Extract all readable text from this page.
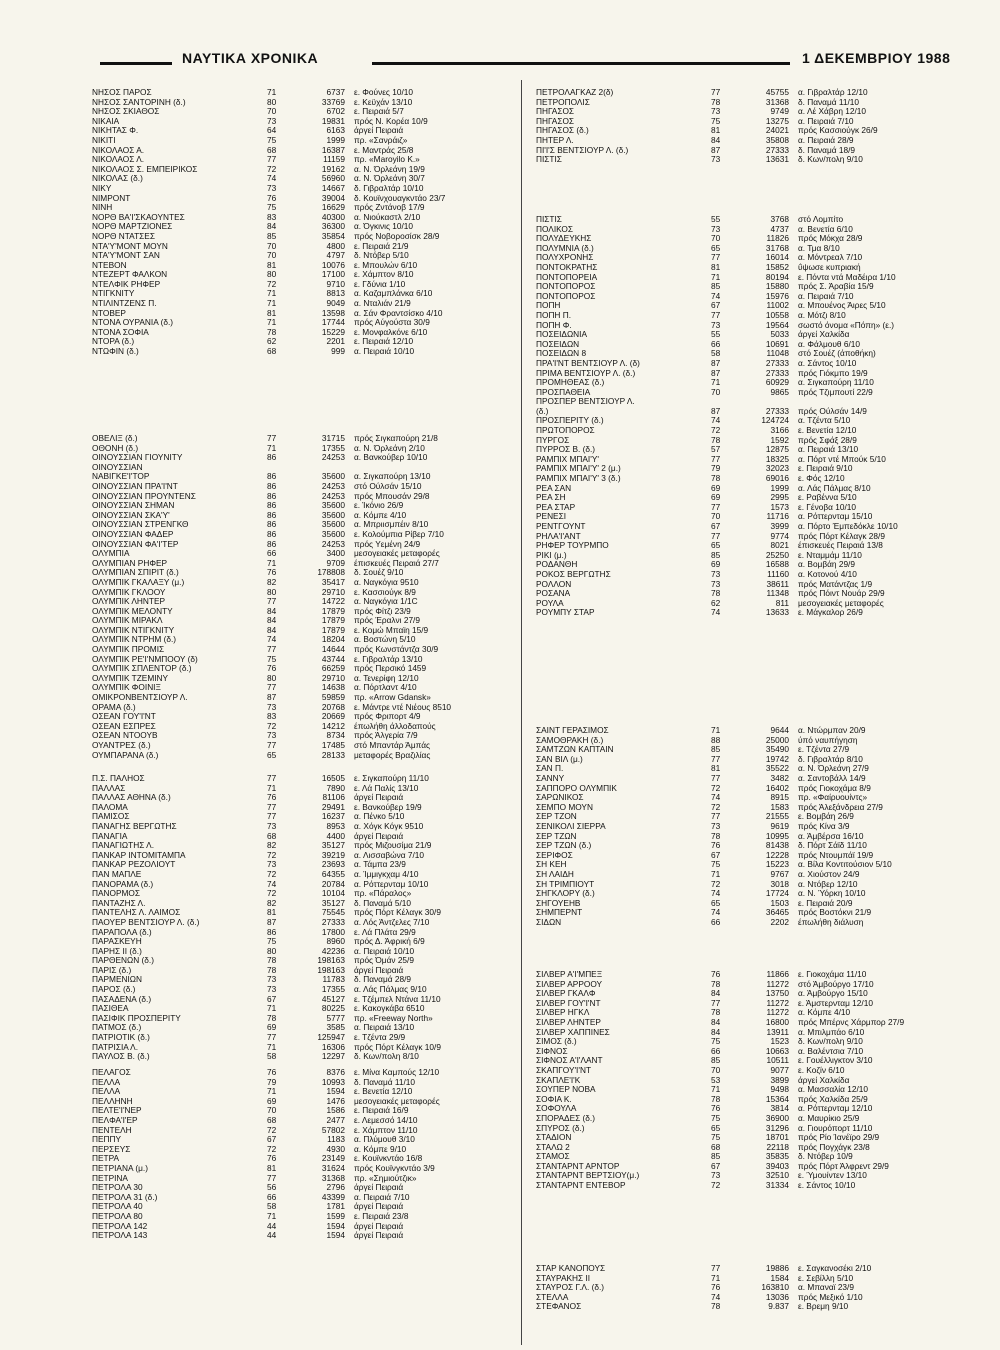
ΝΑΥΤΙΚΑ ΧΡΟΝΙΚΑ	1 ΔΕΚΕΜΒΡΙΟΥ 1988
ΝΗΣΟΣ ΠΑΡΟΣ	71	6737 ε. Φούνες 10/10
ΝΗΣΟΣ ΣΑΝΤΟΡΙΝΗ (δ.)	80	33769 ε. Κεϋχάν 13/10
ΝΗΣΟΣ ΣΚΙΑΘΟΣ	70	6702 ε. Πειραιά 5/7
ΝΙΚΑΙΑ	73	19831 πρός Ν. Κορέα 10/9
ΝΙΚΗΤΑΣ Φ.	64	6163 άργεί Πειραιά
ΝΙΚΙΤΙ	75	1999 πρ. «Σανράιζ»
ΝΙΚΟΛΑΟΣ Α.	68	16387 ε. Μαντράς 25/8
ΝΙΚΟΛΑΟΣ Λ.	77	11159 πρ. «Maroyilo K.»
ΝΙΚΟΛΑΟΣ Σ. ΕΜΠΕΙΡΙΚΟΣ	72	19162 α. Ν. Όρλεάνη 19/9
ΝΙΚΟΛΑΣ (δ.)	74	56960 α. Ν. Όρλεάνη 30/7
ΝΙΚΥ	73	14667 δ. Γιβραλτάρ 10/10
ΝΙΜΡΟΝΤ	76	39004 δ. Κουϊνχουαγκντάο 23/7
ΝΙΝΗ	75	16629 πρός Ζντάνοβ 17/9
ΝΟΡΘ ΒΑ'Ι'ΣΚΑΟΥΝΤΕΣ	83	40300 α. Νιούκαστλ 2/10
ΝΟΡΘ ΜΑΡΤΖΙΟΝΕΣ	84	36300 α. Όγκινις 10/10
ΝΟΡΘ ΝΤΑΤΣΕΣ	85	35854 πρός Νοβοροσίσκ 28/9
ΝΤΑ'Υ'ΜΟΝΤ ΜΟΥΝ	70	4800 ε. Πειραιά 21/9
ΝΤΑ'Υ'ΜΟΝΤ ΣΑΝ	70	4797 δ. Ντόβερ 5/10
ΝΤΕΒΟΝ	81	10076 ε. Μπουλών 6/10
ΝΤΕΖΕΡΤ ΦΑΛΚΟΝ	80	17100 ε. Χάμπτον 8/10
ΝΤΕΛΦΙΚ ΡΗΦΕΡ	72	9710 ε. Γδύνια 1/10
ΝΤΙΓΚΝΙΤΥ	71	8813 α. Καζαμπλάνκα 6/10
ΝΤΙΛΙΝΤΖΕΝΣ Π.	71	9049 α. Νταλιάν 21/9
ΝΤΟΒΕΡ	81	13598 α. Σάν Φραντσίσκο 4/10
ΝΤΟΝΑ ΟΥΡΑΝΙΑ (δ.)	71	17744 πρός Αύγούστα 30/9
ΝΤΟΝΑ ΣΟΦΙΑ	78	15229 ε. Μονφαλκόνε 6/10
ΝΤΟΡΑ (δ.)	62	2201 ε. Πειραιά 12/10
ΝΤΩΦΙΝ (δ.)	68	999 α. Πειραιά 10/10
ΟΒΕΛΙΞ (δ.)	77	31715 πρός Σιγκαπούρη 21/8
ΟΘΟΝΗ (δ.)	71	17355 α. Ν. Όρλεάνη 2/10
ΟΙΝΟΥΣΣΙΑΝ ΓΙΟΥΝΙΤΥ	86	24253 α. Βανκούβερ 10/10
ΟΙΝΟΥΣΣΙΑΝ
ΝΑΒΙΓΚΕ'Ι'ΤΟΡ	86	35600 α. Σιγκαπούρη 13/10
ΟΙΝΟΥΣΣΙΑΝ ΠΡΑ'Ι'ΝΤ	86	24253 στό Ούλσάν 15/10
ΟΙΝΟΥΣΣΙΑΝ ΠΡΟΥΝΤΕΝΣ	86	24253 πρός Μπουσάν 29/8
ΟΙΝΟΥΣΣΙΑΝ ΣΗΜΑΝ	86	35600 ε. Ίκόνιο 26/9
ΟΙΝΟΥΣΣΙΑΝ ΣΚΑ'Υ'	86	35600 α. Κόμπε 4/10
ΟΙΝΟΥΣΣΙΑΝ ΣΤΡΕΝΓΚΘ	86	35600 α. Μπριισμπέιν 8/10
ΟΙΝΟΥΣΣΙΑΝ ΦΑΔΕΡ	86	35600 ε. Κολούμπια Ρίβερ 7/10
ΟΙΝΟΥΣΣΙΑΝ ΦΑ'Ι'ΤΕΡ	86	24253 πρός Υεμένη 24/9
ΟΛΥΜΠΙΑ	66	3400 μεσογειακές μεταφορές
ΟΛΥΜΠΙΑΝ ΡΗΦΕΡ	71	9709 έπισκευές Πειραιά 27/7
ΟΛΥΜΠΙΑΝ ΣΠΙΡΙΤ (δ.)	76	178808 δ. Σουέζ 9/10
ΟΛΥΜΠΙΚ ΓΚΑΛΑΞΥ (μ.)	82	35417 α. Ναγκόγια 9510
ΟΛΥΜΠΙΚ ΓΚΛΟΟΥ	80	29710 ε. Κασσιούγκ 8/9
ΟΛΥΜΠΙΚ ΛΗΝΤΕΡ	77	14722 α. Ναγκόγια 1/1C
ΟΛΥΜΠΙΚ ΜΕΛΟΝΤΥ	84	17879 πρός Φίτζι 23/9
ΟΛΥΜΠΙΚ ΜΙΡΑΚΛ	84	17879 πρός Έραλνι 27/9
ΟΛΥΜΠΙΚ ΝΤΙΓΚΝΙΤΥ	84	17879 ε. Κομώ Μπαϊη 15/9
ΟΛΥΜΠΙΚ ΝΤΡΗΜ (δ.)	74	18204 α. Βοστώνη 5/10
ΟΛΥΜΠΙΚ ΠΡΟΜΙΣ	77	14644 πρός Κωνστάντζα 30/9
ΟΛΥΜΠΙΚ ΡΕ'Ι'ΝΜΠΟΟΥ (δ)	75	43744 ε. Γιβραλτάρ 13/10
ΟΛΥΜΠΙΚ ΣΠΛΕΝΤΟΡ (δ.)	76	66259 πρός Περσικό 1459
ΟΛΥΜΠΙΚ ΤΖΕΜΙΝΥ	80	29710 α. Τενερίφη 12/10
ΟΛΥΜΠΙΚ ΦΟΙΝΙΞ	77	14638 α. Πόρτλαντ 4/10
ΟΜΙΚΡΟΝΒΕΝΤΣΙΟΥΡ Λ.	87	59859 πρ. «Arrow Gdansk»
ΟΡΑΜΑ (δ.)	73	20768 ε. Μάντρε ντέ Νιέους 8510
ΟΣΕΑΝ ΓΟΥ'Ι'ΝΤ	83	20669 πρός Φριπορτ 4/9
ΟΣΕΑΝ ΕΣΠΡΕΣ	72	14212 έπωλήθη άλλοδαπούς
ΟΣΕΑΝ ΝΤΟΟΥΒ	73	8734 πρός Άλγερία 7/9
ΟΥΑΝΤΡΕΣ (δ.)	77	17485 στό Μπαντάρ Άμπάς
ΟΥΜΠΑΡΑΝΑ (δ.)	65	28133 μεταφορές Βραζιλίας
Π.Σ. ΠΑΛΗΟΣ	77	16505 ε. Σιγκαπούρη 11/10
ΠΑΛΛΑΣ	71	7890 ε. Λά Παλίς 13/10
ΠΑΛΛΑΣ ΑΘΗΝΑ (δ.)	76	81106 άργεί Πειραιά
ΠΑΛΟΜΑ	77	29491 ε. Βανκούβερ 19/9
ΠΑΜΙΣΟΣ	77	16237 α. Πένκο 5/10
ΠΑΝΑΓΗΣ ΒΕΡΓΩΤΗΣ	73	8953 α. Χόγκ Κόγκ 9510
ΠΑΝΑΓΙΑ	68	4400 άργεί Πειραιά
ΠΑΝΑΓΙΩΤΗΣ Λ.	82	35127 πρός Μιζουσίμα 21/9
ΠΑΝΚΑΡ ΙΝΤΟΜΙΤΑΜΠΑ	72	39219 α. Λισσαβώνα 7/10
ΠΑΝΚΑΡ ΡΕΖΟΛΙΟΥΤ	73	23693 α. Τάμπα 23/9
ΠΑΝ ΜΑΠΛΕ	72	64355 α. Ίμμιγκχαμ 4/10
ΠΑΝΟΡΑΜΑ (δ.)	74	20784 α. Ρόττερνταμ 10/10
ΠΑΝΟΡΜΟΣ	72	10104 πρ. «Πάραλος»
ΠΑΝΤΑΖΗΣ Λ.	82	35127 δ. Παναμά 5/10
ΠΑΝΤΕΛΗΣ Λ. ΛΑΙΜΟΣ	81	75545 πρός Πόρτ Κέλαγκ 30/9
ΠΑΟΥΕΡ ΒΕΝΤΣΙΟΥΡ Λ. (δ.)	87	27333 α. Λός Άντζελες 7/10
ΠΑΡΑΠΟΛΑ (δ.)	86	17800 ε. Λά Πλάτα 29/9
ΠΑΡΑΣΚΕΥΗ	75	8960 πρός Δ. Άφρική 6/9
ΠΑΡΗΣ ΙΙ (δ.)	80	42236 α. Πειραιά 10/10
ΠΑΡΘΕΝΩΝ (δ.)	78	198163 πρός Όμάν 25/9
ΠΑΡΙΣ (δ.)	78	198163 άργεί Πειραιά
ΠΑΡΜΕΝΙΩΝ	73	11783 δ. Παναμά 28/9
ΠΑΡΟΣ (δ.)	73	17355 α. Λάς Πάλμας 9/10
ΠΑΣΑΔΕΝΑ (δ.)	67	45127 ε. Τζέμπελ Ντάνα 11/10
ΠΑΣΙΘΕΑ	71	80225 ε. Κακογκάβα 6510
ΠΑΣΙΦΙΚ ΠΡΟΣΠΕΡΙΤΥ	78	5777 πρ. «Freeway North»
ΠΑΤΜΟΣ (δ.)	69	3585 α. Πειραιά 13/10
ΠΑΤΡΙΟΤΙΚ (δ.)	77	125947 ε. Τζέντα 29/9
ΠΑΤΡΙΣΙΑ Λ.	71	16306 πρός Πόρτ Κέλαγκ 10/9
ΠΑΥΛΟΣ Β. (δ.)	58	12297 δ. Κων/πολη 8/10
ΠΕΛΑΓΟΣ	76	8376 ε. Μίνα Καμπούς 12/10
ΠΕΛΛΑ	79	10993 δ. Παναμά 11/10
ΠΕΛΛΑ	71	1594 ε. Βενετία 12/10
ΠΕΛΛΗΝΗ	69	1476 μεσογειακές μεταφορές
ΠΕΛΤΕ'Ι'ΝΕΡ	70	1586 ε. Πειραιά 16/9
ΠΕΛΦΑ'Ι'ΕΡ	68	2477 ε. Λεμεσσό 14/10
ΠΕΝΤΕΛΗ	72	57802 ε. Χάμπτον 11/10
ΠΕΠΠΥ	67	1183 α. Πλύμουθ 3/10
ΠΕΡΣΕΥΣ	72	4930 α. Κόμπε 9/10
ΠΕΤΡΑ	76	23149 ε. Κουϊνκντάο 16/8
ΠΕΤΡΙΑΝΑ (μ.)	81	31624 πρός Κουϊνγκντάο 3/9
ΠΕΤΡΙΝΑ	77	31368 πρ. «Σημιούτζικ»
ΠΕΤΡΟΛΑ 30	56	2796 άργεί Πειραιά
ΠΕΤΡΟΛΑ 31 (δ.)	66	43399 α. Πειραιά 7/10
ΠΕΤΡΟΛΑ 40	58	1781 άργεί Πειραιά
ΠΕΤΡΟΛΑ 80	71	1599 ε. Πειραιά 23/8
ΠΕΤΡΟΛΑ 142	44	1594 άργεί Πειραιά
ΠΕΤΡΟΛΑ 143	44	1594 άργεί Πειραιά
ΠΕΤΡΟΛΑΓΚΑΖ 2(δ)	77	45755 α. Γιβραλτάρ 12/10
ΠΕΤΡΟΠΟΛΙΣ	78	31368 δ. Παναμά 11/10
ΠΗΓΑΣΟΣ	73	9749 α. Λέ Χάβρη 12/10
ΠΗΓΑΣΟΣ	75	13275 α. Πειραιά 7/10
ΠΗΓΑΣΟΣ (δ.)	81	24021 πρός Κασσιούγκ 26/9
ΠΗΤΕΡ Λ.	84	35808 α. Πειραιά 28/9
ΠΙ'Ι'Σ ΒΕΝΤΣΙΟΥΡ Λ. (δ.)	87	27333 δ. Παναμά 18/9
ΠΙΣΤΙΣ	73	13631 δ. Κων/πολη 9/10
ΠΙΣΤΙΣ	55	3768 στό Λομπίτο
ΠΟΛΙΚΟΣ	73	4737 α. Βενετία 6/10
ΠΟΛΥΔΕΥΚΗΣ	70	11826 πρός Μόκχα 28/9
ΠΟΛΥΜΝΙΑ (δ.)	65	31768 α. Τμα 8/10
ΠΟΛΥΧΡΟΝΗΣ	77	16014 α. Μόντρεαλ 7/10
ΠΟΝΤΟΚΡΑΤΗΣ	81	15852 ΰψωσε κυπριακή
ΠΟΝΤΟΠΟΡΕΙΑ	71	80194 ε. Πόντα ντά Μαδέιρα 1/10
ΠΟΝΤΟΠΟΡΟΣ	85	15880 πρός Σ. Άραβία 15/9
ΠΟΝΤΟΠΟΡΟΣ	74	15976 α. Πειραιά 7/10
ΠΟΠΗ	67	11002 α. Μπουένος Άιρες 5/10
ΠΟΠΗ Π.	77	10558 α. Μότζι 8/10
ΠΟΠΗ Φ.	73	19564 σωστό όνομα «Πόπη» (ε.)
ΠΟΣΕΙΔΩΝΙΑ	55	5033 άργεί Χαλκίδα
ΠΟΣΕΙΔΩΝ	66	10691 α. Φάλμουθ 6/10
ΠΟΣΕΙΔΩΝ 8	58	11048 στό Σουέζ (άποθήκη)
ΠΡΑ'Ι'ΝΤ ΒΕΝΤΣΙΟΥΡ Λ. (δ)	87	27333 α. Σάντος 10/10
ΠΡΙΜΑ ΒΕΝΤΣΙΟΥΡ Λ. (δ.)	87	27333 πρός Γιόκμπο 19/9
ΠΡΟΜΗΘΕΑΣ (δ.)	71	60929 α. Σιγκαπούρη 11/10
ΠΡΟΣΠΑΘΕΙΑ	70	9865 πρός Τζιμπουτί 22/9
ΠΡΟΣΠΕΡ ΒΕΝΤΣΙΟΥΡ Λ.
(δ.)	87	27333 πρός Ούλσάν 14/9
ΠΡΟΣΠΕΡΙΤΥ (δ.)	74	124724 α. Τζέντα 5/10
ΠΡΩΤΟΠΟΡΟΣ	72	3166 ε. Βενετία 12/10
ΠΥΡΓΟΣ	78	1592 πρός Σφάξ 28/9
ΠΥΡΡΟΣ Β. (δ.)	57	12875 α. Πειραιά 13/10
ΡΑΜΠΙΧ ΜΠΑΙ'Υ'	77	18325 α. Πόρτ ντέ Μπούκ 5/10
ΡΑΜΠΙΧ ΜΠΑΙ'Υ' 2 (μ.)	79	32023 ε. Πειραιά 9/10
ΡΑΜΠΙΧ ΜΠΑΙ'Υ' 3 (δ.)	78	69016 ε. Φός 12/10
ΡΕΑ ΣΑΝ	69	1999 α. Λάς Πάλμας 8/10
ΡΕΑ ΣΗ	69	2995 ε. Ραβέννα 5/10
ΡΕΑ ΣΤΑΡ	77	1573 ε. Γένοβα 10/10
ΡΕΝΕΣΙ	70	11716 α. Ρόττερνταμ 15/10
ΡΕΝΤΓΟΥΝΤ	67	3999 α. Πόρτο Έμπεδόκλε 10/10
ΡΗΛΑ'Ι'ΑΝΤ	77	9774 πρός Πόρτ Κέλαγκ 28/9
ΡΗΦΕΡ ΤΟΥΡΜΠΟ	65	8021 έπισκευές Πειραιά 13/8
ΡΙΚΙ (μ.)	85	25250 ε. Νταμμάμ 11/10
ΡΟΔΑΝΘΗ	69	16588 α. Βομβάη 29/9
ΡΟΚΟΣ ΒΕΡΓΩΤΗΣ	73	11160 α. Κοτονού 4/10
ΡΟΛΛΟΝ	73	38611 πρός Ματάντζας 1/9
ΡΟΣΑΝΑ	78	11348 πρός Πόιντ Νουάρ 29/9
ΡΟΥΛΑ	62	811 μεσογειακές μεταφορές
ΡΟΥΜΠΥ ΣΤΑΡ	74	13633 ε. Μάγκαλορ 26/9
ΣΑΙΝΤ ΓΕΡΑΣΙΜΟΣ	71	9644 α. Ντώρμπαν 20/9
ΣΑΜΟΘΡΑΚΗ (δ.)	88	25000 ύπό ναυπήγηση
ΣΑΜΤΖΩΝ ΚΑΠΤΑΙΝ	85	35490 ε. Τζέντα 27/9
ΣΑΝ ΒΙΛ (μ.)	77	19742 δ. Γιβραλτάρ 8/10
ΣΑΝ Π.	81	35522 α. Ν. Όρλεάνη 27/9
ΣΑΝΝΥ	77	3482 α. Σαντοβάλλ 14/9
ΣΑΠΠΟΡΟ ΟΛΥΜΠΙΚ	72	16402 πρός Γιοκοχάμα 8/9
ΣΑΡΩΝΙΚΟΣ	74	8915 πρ. «Φαίρυουίντς»
ΣΕΜΠΟ ΜΟΥΝ	72	1583 πρός Άλεξάνδρεια 27/9
ΣΕΡ ΤΖΟΝ	77	21555 ε. Βομβάη 26/9
ΣΕΝΙΚΟΛΙ ΣΙΕΡΡΑ	73	9619 πρός Κίνα 3/9
ΣΕΡ ΤΖΩΝ	78	10995 α. Άμβέρσα 16/10
ΣΕΡ ΤΖΩΝ (δ.)	76	81438 δ. Πόρτ Σάϊδ 11/10
ΣΕΡΙΦΟΣ	67	12228 πρός Ντουμπάϊ 19/9
ΣΗ ΚΕΗ	75	15223 α. Βίλα Κοντιτούσιον 5/10
ΣΗ ΛΑΙΔΗ	71	9767 α. Χιούστον 24/9
ΣΗ ΤΡΙΜΠΙΟΥΤ	72	3018 α. Ντόβερ 12/10
ΣΗΓΚΛΟΡΥ (δ.)	74	17724 α. Ν. Ύόρκη 10/10
ΣΗΓΟΥΕΗΒ	65	1503 ε. Πειραιά 20/9
ΣΗΜΠΕΡΝΤ	74	36465 πρός Βοστόκνι 21/9
ΣΙΔΩΝ	66	2202 έπωλήθη διάλυση
ΣΙΛΒΕΡ Α'Ι'ΜΠΕΞ	76	11866 ε. Γιοκοχάμα 11/10
ΣΙΛΒΕΡ ΑΡΡΟΟΥ	78	11272 στό Άμβούργο 17/10
ΣΙΛΒΕΡ ΓΚΑΛΦ	84	13750 α. Άμβούργο 15/10
ΣΙΛΒΕΡ ΓΟΥ'Ι'ΝΤ	77	11272 ε. Άμστερνταμ 12/10
ΣΙΛΒΕΡ ΗΓΚΛ	78	11272 α. Κόμπε 4/10
ΣΙΛΒΕΡ ΛΗΝΤΕΡ	84	16800 πρός Μπέρνς Χάρμπορ 27/9
ΣΙΛΒΕΡ ΧΑΠΠΙΝΕΣ	84	13911 α. Μπιλμπάο 6/10
ΣΙΜΟΣ (δ.)	75	1523 δ. Κων/πολη 9/10
ΣΙΦΝΟΣ	66	10663 α. Βαλέντσια 7/10
ΣΙΦΝΟΣ Α'Ι'ΛΑΝΤ	85	10511 ε. Γουέλλιγκτον 3/10
ΣΚΑΠΓΟΥ'Ι'ΝΤ	70	9077 ε. Κοζίν 6/10
ΣΚΑΠΛΕ'Ι'Κ	53	3899 άργεί Χαλκίδα
ΣΟΥΠΕΡ ΝΟΒΑ	71	9498 α. Μασσαλία 12/10
ΣΟΦΙΑ Κ.	78	15364 πρός Χαλκίδα 25/9
ΣΟΦΟΥΛΑ	76	3814 α. Ρόττερνταμ 12/10
ΣΠΟΡΑΔΕΣ (δ.)	75	36900 α. Μαυρίκιο 25/9
ΣΠΥΡΟΣ (δ.)	65	31296 α. Γιουρόπορτ 11/10
ΣΤΑΔΙΟΝ	75	18701 πρός Ρίο Ίανέϊρο 29/9
ΣΤΑΛΩ 2	68	22118 πρός Πογχάγκ 23/8
ΣΤΑΜΟΣ	85	35835 δ. Ντόβερ 10/9
ΣΤΑΝΤΑΡΝΤ ΑΡΝΤΟΡ	67	39403 πρός Πόρτ Άλφρεντ 29/9
ΣΤΑΝΤΑΡΝΤ ΒΕΡΤΣΙΟΥ(μ.)	73	32510 ε. Ύμουίντεν 13/10
ΣΤΑΝΤΑΡΝΤ ΕΝΤΕΒΟΡ	72	31334 ε. Σάντος 10/10
ΣΤΑΡ ΚΑΝΟΠΟΥΣ	77	19886 ε. Σαγκανοσέκι 2/10
ΣΤΑΥΡΑΚΗΣ ΙΙ	71	1584 ε. Σεβίλλη 5/10
ΣΤΑΥΡΟΣ Γ.Λ. (δ.)	76	163810 α. Μπαναϊ 23/9
ΣΤΕΛΛΑ	74	13036 πρός Μεξικό 1/10
ΣΤΕΦΑΝΟΣ	78	9.837 ε. Βρεμη 9/10
